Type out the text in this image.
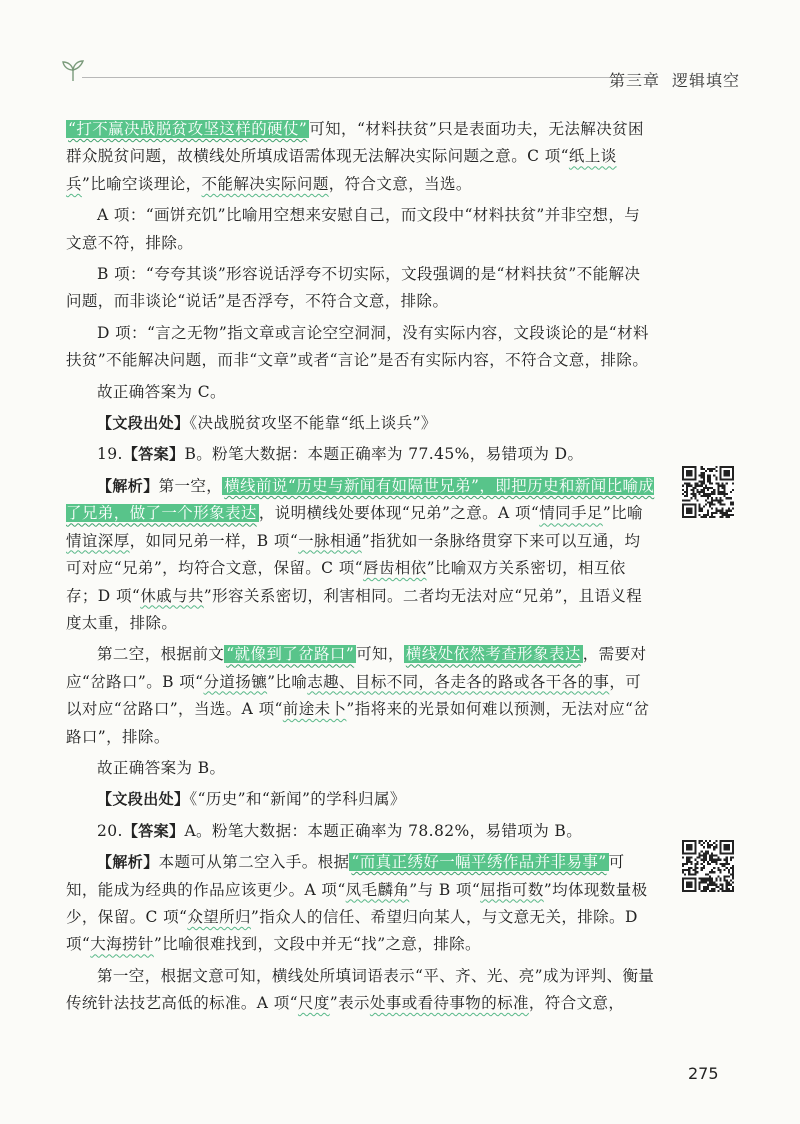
第三章 逻辑填空

“打不赢决战脱贫攻坚这样的硬仗” 可知，“材料扶贫”只是表面功夫，无法解决贫困群众脱贫问题，故横线处所填成语需体现无法解决实际问题之意。C 项“纸上谈兵”比喻空谈理论，不能解决实际问题，符合文意，当选。

A 项：“画饼充饥”比喻用空想来安慰自己，而文段中“材料扶贫”并非空想，与文意不符，排除。

B 项：“夸夸其谈”形容说话浮夸不切实际，文段强调的是“材料扶贫”不能解决问题，而非谈论“说话”是否浮夸，不符合文意，排除。

D 项：“言之无物”指文章或言论空空洞洞，没有实际内容，文段谈论的是“材料扶贫”不能解决问题，而非“文章”或者“言论”是否有实际内容，不符合文意，排除。

故正确答案为 C。

【文段出处】《决战脱贫攻坚不能靠“纸上谈兵”》

19.【答案】B。粉笔大数据：本题正确率为 77.45%，易错项为 D。

【解析】第一空， 横线前说“历史与新闻有如隔世兄弟”，即把历史和新闻比喻成了兄弟，做了一个形象表达 ，说明横线处要体现“兄弟”之意。A 项“情同手足”比喻情谊深厚，如同兄弟一样，B 项“一脉相通”指犹如一条脉络贯穿下来可以互通，均可对应“兄弟”，均符合文意，保留。C 项“唇齿相依”比喻双方关系密切，相互依存；D 项“休戚与共”形容关系密切，利害相同。二者均无法对应“兄弟”，且语义程度太重，排除。

第二空，根据前文 “就像到了岔路口” 可知， 横线处依然考查形象表达 ，需要对应“岔路口”。B 项“分道扬镳”比喻志趣、目标不同，各走各的路或各干各的事，可以对应“岔路口”，当选。A 项“前途未卜”指将来的光景如何难以预测，无法对应“岔路口”，排除。

故正确答案为 B。

【文段出处】《“历史”和“新闻”的学科归属》

20.【答案】A。粉笔大数据：本题正确率为 78.82%，易错项为 B。

【解析】本题可从第二空入手。根据 “而真正绣好一幅平绣作品并非易事” 可知，能成为经典的作品应该更少。A 项“凤毛麟角”与 B 项“屈指可数”均体现数量极少，保留。C 项“众望所归”指众人的信任、希望归向某人，与文意无关，排除。D 项“大海捞针”比喻很难找到，文段中并无“找”之意，排除。

第一空，根据文意可知，横线处所填词语表示“平、齐、光、亮”成为评判、衡量传统针法技艺高低的标准。A 项“尺度”表示处事或看待事物的标准，符合文意，

275
